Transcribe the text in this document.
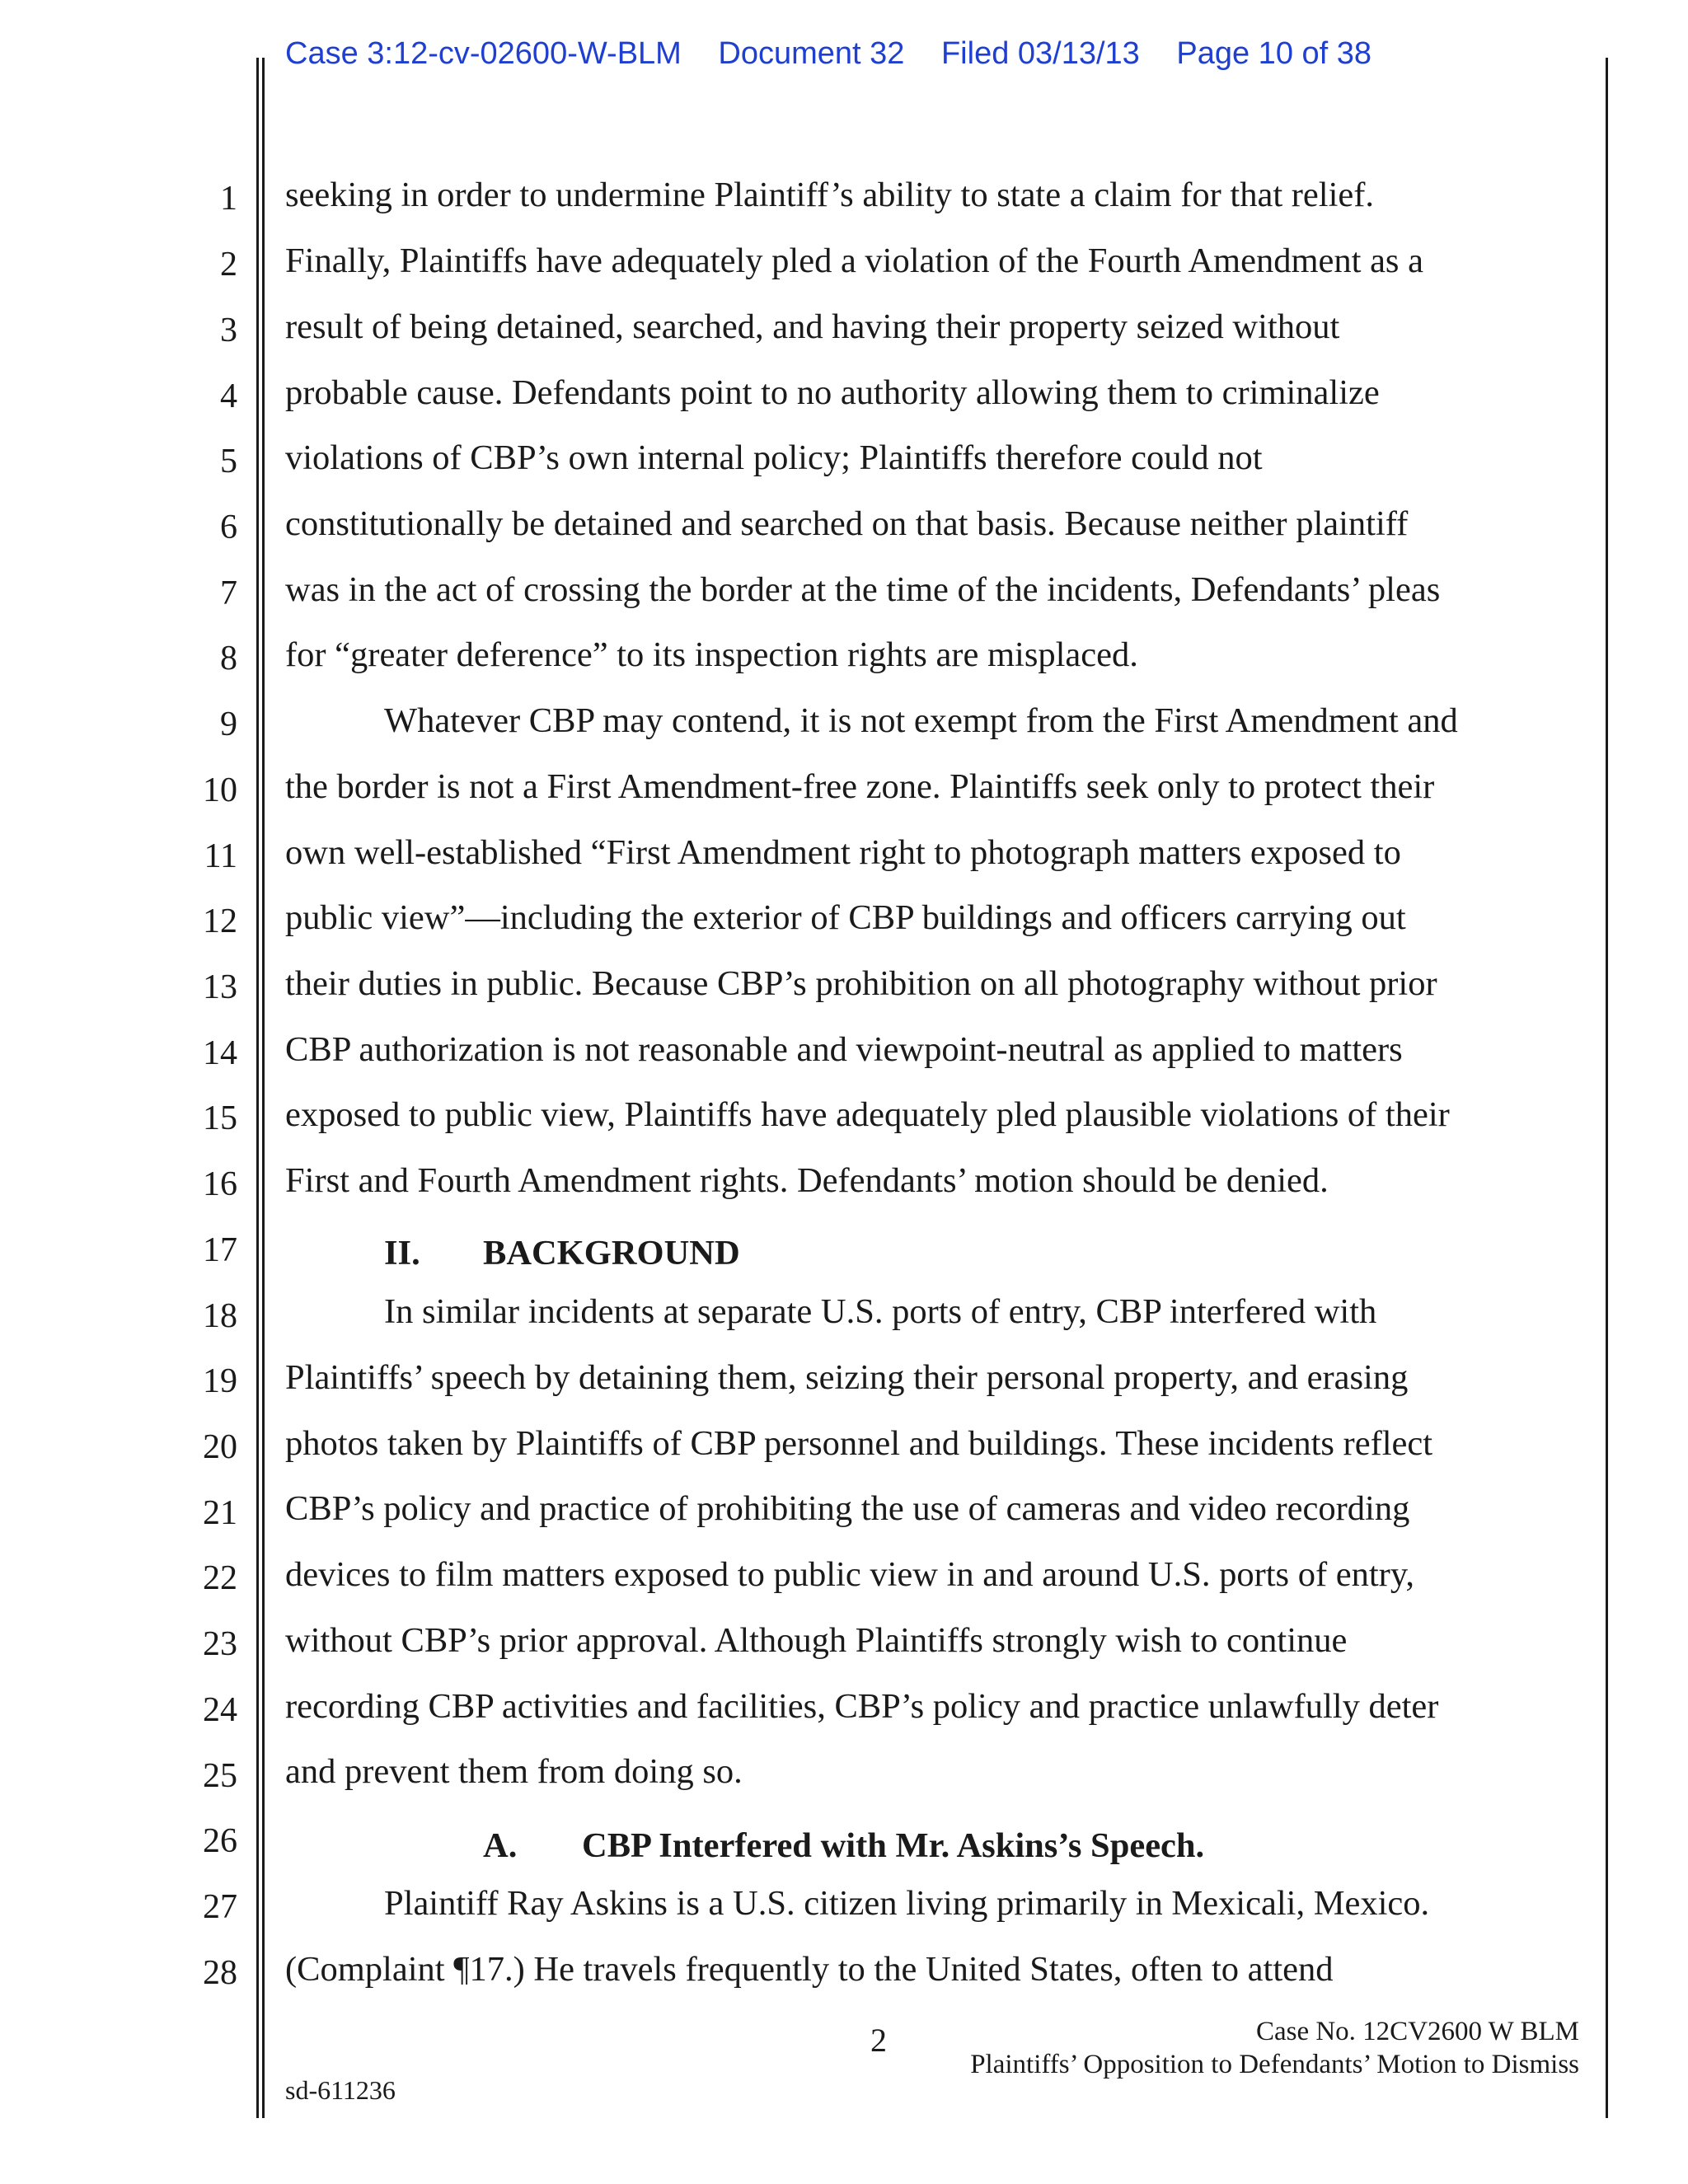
Case 3:12-cv-02600-W-BLM Document 32 Filed 03/13/13 Page 10 of 38
1
2
3
4
5
6
7
8
9
10
11
12
13
14
15
16
17
18
19
20
21
22
23
24
25
26
27
28
seeking in order to undermine Plaintiff’s ability to state a claim for that relief.
Finally, Plaintiffs have adequately pled a violation of the Fourth Amendment as a
result of being detained, searched, and having their property seized without
probable cause. Defendants point to no authority allowing them to criminalize
violations of CBP’s own internal policy; Plaintiffs therefore could not
constitutionally be detained and searched on that basis. Because neither plaintiff
was in the act of crossing the border at the time of the incidents, Defendants’ pleas
for “greater deference” to its inspection rights are misplaced.
Whatever CBP may contend, it is not exempt from the First Amendment and
the border is not a First Amendment-free zone. Plaintiffs seek only to protect their
own well-established “First Amendment right to photograph matters exposed to
public view”—including the exterior of CBP buildings and officers carrying out
their duties in public. Because CBP’s prohibition on all photography without prior
CBP authorization is not reasonable and viewpoint-neutral as applied to matters
exposed to public view, Plaintiffs have adequately pled plausible violations of their
First and Fourth Amendment rights. Defendants’ motion should be denied.
II. BACKGROUND
In similar incidents at separate U.S. ports of entry, CBP interfered with
Plaintiffs’ speech by detaining them, seizing their personal property, and erasing
photos taken by Plaintiffs of CBP personnel and buildings. These incidents reflect
CBP’s policy and practice of prohibiting the use of cameras and video recording
devices to film matters exposed to public view in and around U.S. ports of entry,
without CBP’s prior approval. Although Plaintiffs strongly wish to continue
recording CBP activities and facilities, CBP’s policy and practice unlawfully deter
and prevent them from doing so.
A. CBP Interfered with Mr. Askins’s Speech.
Plaintiff Ray Askins is a U.S. citizen living primarily in Mexicali, Mexico.
(Complaint ¶17.) He travels frequently to the United States, often to attend
2	Case No. 12CV2600 W BLM
Plaintiffs’ Opposition to Defendants’ Motion to Dismiss
sd-611236
